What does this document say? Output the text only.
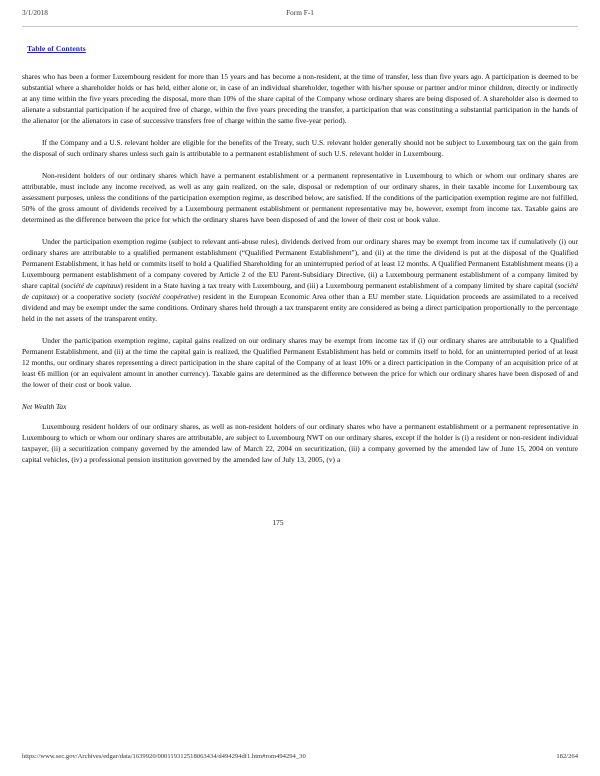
3/1/2018	Form F-1
Table of Contents

shares who has been a former Luxembourg resident for more than 15 years and has become a non-resident, at the time of transfer, less than five years ago. A participation is deemed to be substantial where a shareholder holds or has held, either alone or, in case of an individual shareholder, together with his/her spouse or partner and/or minor children, directly or indirectly at any time within the five years preceding the disposal, more than 10% of the share capital of the Company whose ordinary shares are being disposed of. A shareholder also is deemed to alienate a substantial participation if he acquired free of charge, within the five years preceding the transfer, a participation that was constituting a substantial participation in the hands of the alienator (or the alienators in case of successive transfers free of charge within the same five-year period).

If the Company and a U.S. relevant holder are eligible for the benefits of the Treaty, such U.S. relevant holder generally should not be subject to Luxembourg tax on the gain from the disposal of such ordinary shares unless such gain is attributable to a permanent establishment of such U.S. relevant holder in Luxembourg.

Non-resident holders of our ordinary shares which have a permanent establishment or a permanent representative in Luxembourg to which or whom our ordinary shares are attributable, must include any income received, as well as any gain realized, on the sale, disposal or redemption of our ordinary shares, in their taxable income for Luxembourg tax assessment purposes, unless the conditions of the participation exemption regime, as described below, are satisfied. If the conditions of the participation exemption regime are not fulfilled, 50% of the gross amount of dividends received by a Luxembourg permanent establishment or permanent representative may be, however, exempt from income tax. Taxable gains are determined as the difference between the price for which the ordinary shares have been disposed of and the lower of their cost or book value.

Under the participation exemption regime (subject to relevant anti-abuse rules), dividends derived from our ordinary shares may be exempt from income tax if cumulatively (i) our ordinary shares are attributable to a qualified permanent establishment (“Qualified Permanent Establishment”), and (ii) at the time the dividend is put at the disposal of the Qualified Permanent Establishment, it has held or commits itself to hold a Qualified Shareholding for an uninterrupted period of at least 12 months. A Qualified Permanent Establishment means (i) a Luxembourg permanent establishment of a company covered by Article 2 of the EU Parent-Subsidiary Directive, (ii) a Luxembourg permanent establishment of a company limited by share capital (société de capitaux) resident in a State having a tax treaty with Luxembourg, and (iii) a Luxembourg permanent establishment of a company limited by share capital (société de capitaux) or a cooperative society (société coopérative) resident in the European Economic Area other than a EU member state. Liquidation proceeds are assimilated to a received dividend and may be exempt under the same conditions. Ordinary shares held through a tax transparent entity are considered as being a direct participation proportionally to the percentage held in the net assets of the transparent entity.

Under the participation exemption regime, capital gains realized on our ordinary shares may be exempt from income tax if (i) our ordinary shares are attributable to a Qualified Permanent Establishment, and (ii) at the time the capital gain is realized, the Qualified Permanent Establishment has held or commits itself to hold, for an uninterrupted period of at least 12 months, our ordinary shares representing a direct participation in the share capital of the Company of at least 10% or a direct participation in the Company of an acquisition price of at least €6 million (or an equivalent amount in another currency). Taxable gains are determined as the difference between the price for which our ordinary shares have been disposed of and the lower of their cost or book value.

Net Wealth Tax

Luxembourg resident holders of our ordinary shares, as well as non-resident holders of our ordinary shares who have a permanent establishment or a permanent representative in Luxembourg to which or whom our ordinary shares are attributable, are subject to Luxembourg NWT on our ordinary shares, except if the holder is (i) a resident or non-resident individual taxpayer, (ii) a securitization company governed by the amended law of March 22, 2004 on securitization, (iii) a company governed by the amended law of June 15, 2004 on venture capital vehicles, (iv) a professional pension institution governed by the amended law of July 13, 2005, (v) a

175
https://www.sec.gov/Archives/edgar/data/1639920/000119312518063434/d494294df1.htm#rom494294_30	182/264
